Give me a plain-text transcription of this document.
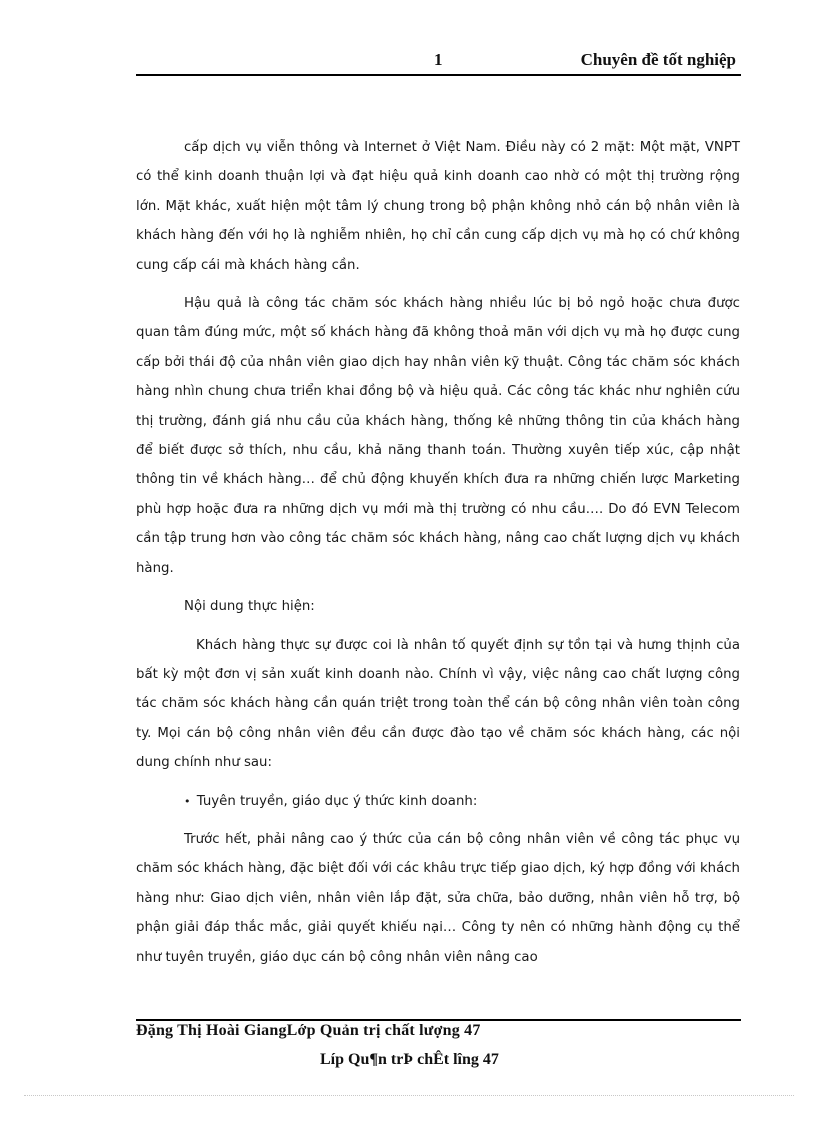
1	Chuyên đề tốt nghiệp

cấp dịch vụ viễn thông và Internet ở Việt Nam. Điều này có 2 mặt: Một mặt, VNPT có thể kinh doanh thuận lợi và đạt hiệu quả kinh doanh cao nhờ có một thị trường rộng lớn. Mặt khác, xuất hiện một tâm lý chung trong bộ phận không nhỏ cán bộ nhân viên là khách hàng đến với họ là nghiễm nhiên, họ chỉ cần cung cấp dịch vụ mà họ có chứ không cung cấp cái mà khách hàng cần.

Hậu quả là công tác chăm sóc khách hàng nhiều lúc bị bỏ ngỏ hoặc chưa được quan tâm đúng mức, một số khách hàng đã không thoả mãn với dịch vụ mà họ được cung cấp bởi thái độ của nhân viên giao dịch hay nhân viên kỹ thuật. Công tác chăm sóc khách hàng nhìn chung chưa triển khai đồng bộ và hiệu quả. Các công tác khác như nghiên cứu thị trường, đánh giá nhu cầu của khách hàng, thống kê những thông tin của khách hàng để biết được sở thích, nhu cầu, khả năng thanh toán. Thường xuyên tiếp xúc, cập nhật thông tin về khách hàng… để chủ động khuyến khích đưa ra những chiến lược Marketing phù hợp hoặc đưa ra những dịch vụ mới mà thị trường có nhu cầu…. Do đó EVN Telecom cần tập trung hơn vào công tác chăm sóc khách hàng, nâng cao chất lượng dịch vụ khách hàng.

Nội dung thực hiện:

Khách hàng thực sự được coi là nhân tố quyết định sự tồn tại và hưng thịnh của bất kỳ một đơn vị sản xuất kinh doanh nào. Chính vì vậy, việc nâng cao chất lượng công tác chăm sóc khách hàng cần quán triệt trong toàn thể cán bộ công nhân viên toàn công ty. Mọi cán bộ công nhân viên đều cần được đào tạo về chăm sóc khách hàng, các nội dung chính như sau:

• Tuyên truyền, giáo dục ý thức kinh doanh:

Trước hết, phải nâng cao ý thức của cán bộ công nhân viên về công tác phục vụ chăm sóc khách hàng, đặc biệt đối với các khâu trực tiếp giao dịch, ký hợp đồng với khách hàng như: Giao dịch viên, nhân viên lắp đặt, sửa chữa, bảo dưỡng, nhân viên hỗ trợ, bộ phận giải đáp thắc mắc, giải quyết khiếu nại… Công ty nên có những hành động cụ thể như tuyên truyền, giáo dục cán bộ công nhân viên nâng cao

Đặng Thị Hoài GiangLớp Quản trị chất lượng 47
Líp Qu¶n trÞ chÊt lîng 47
